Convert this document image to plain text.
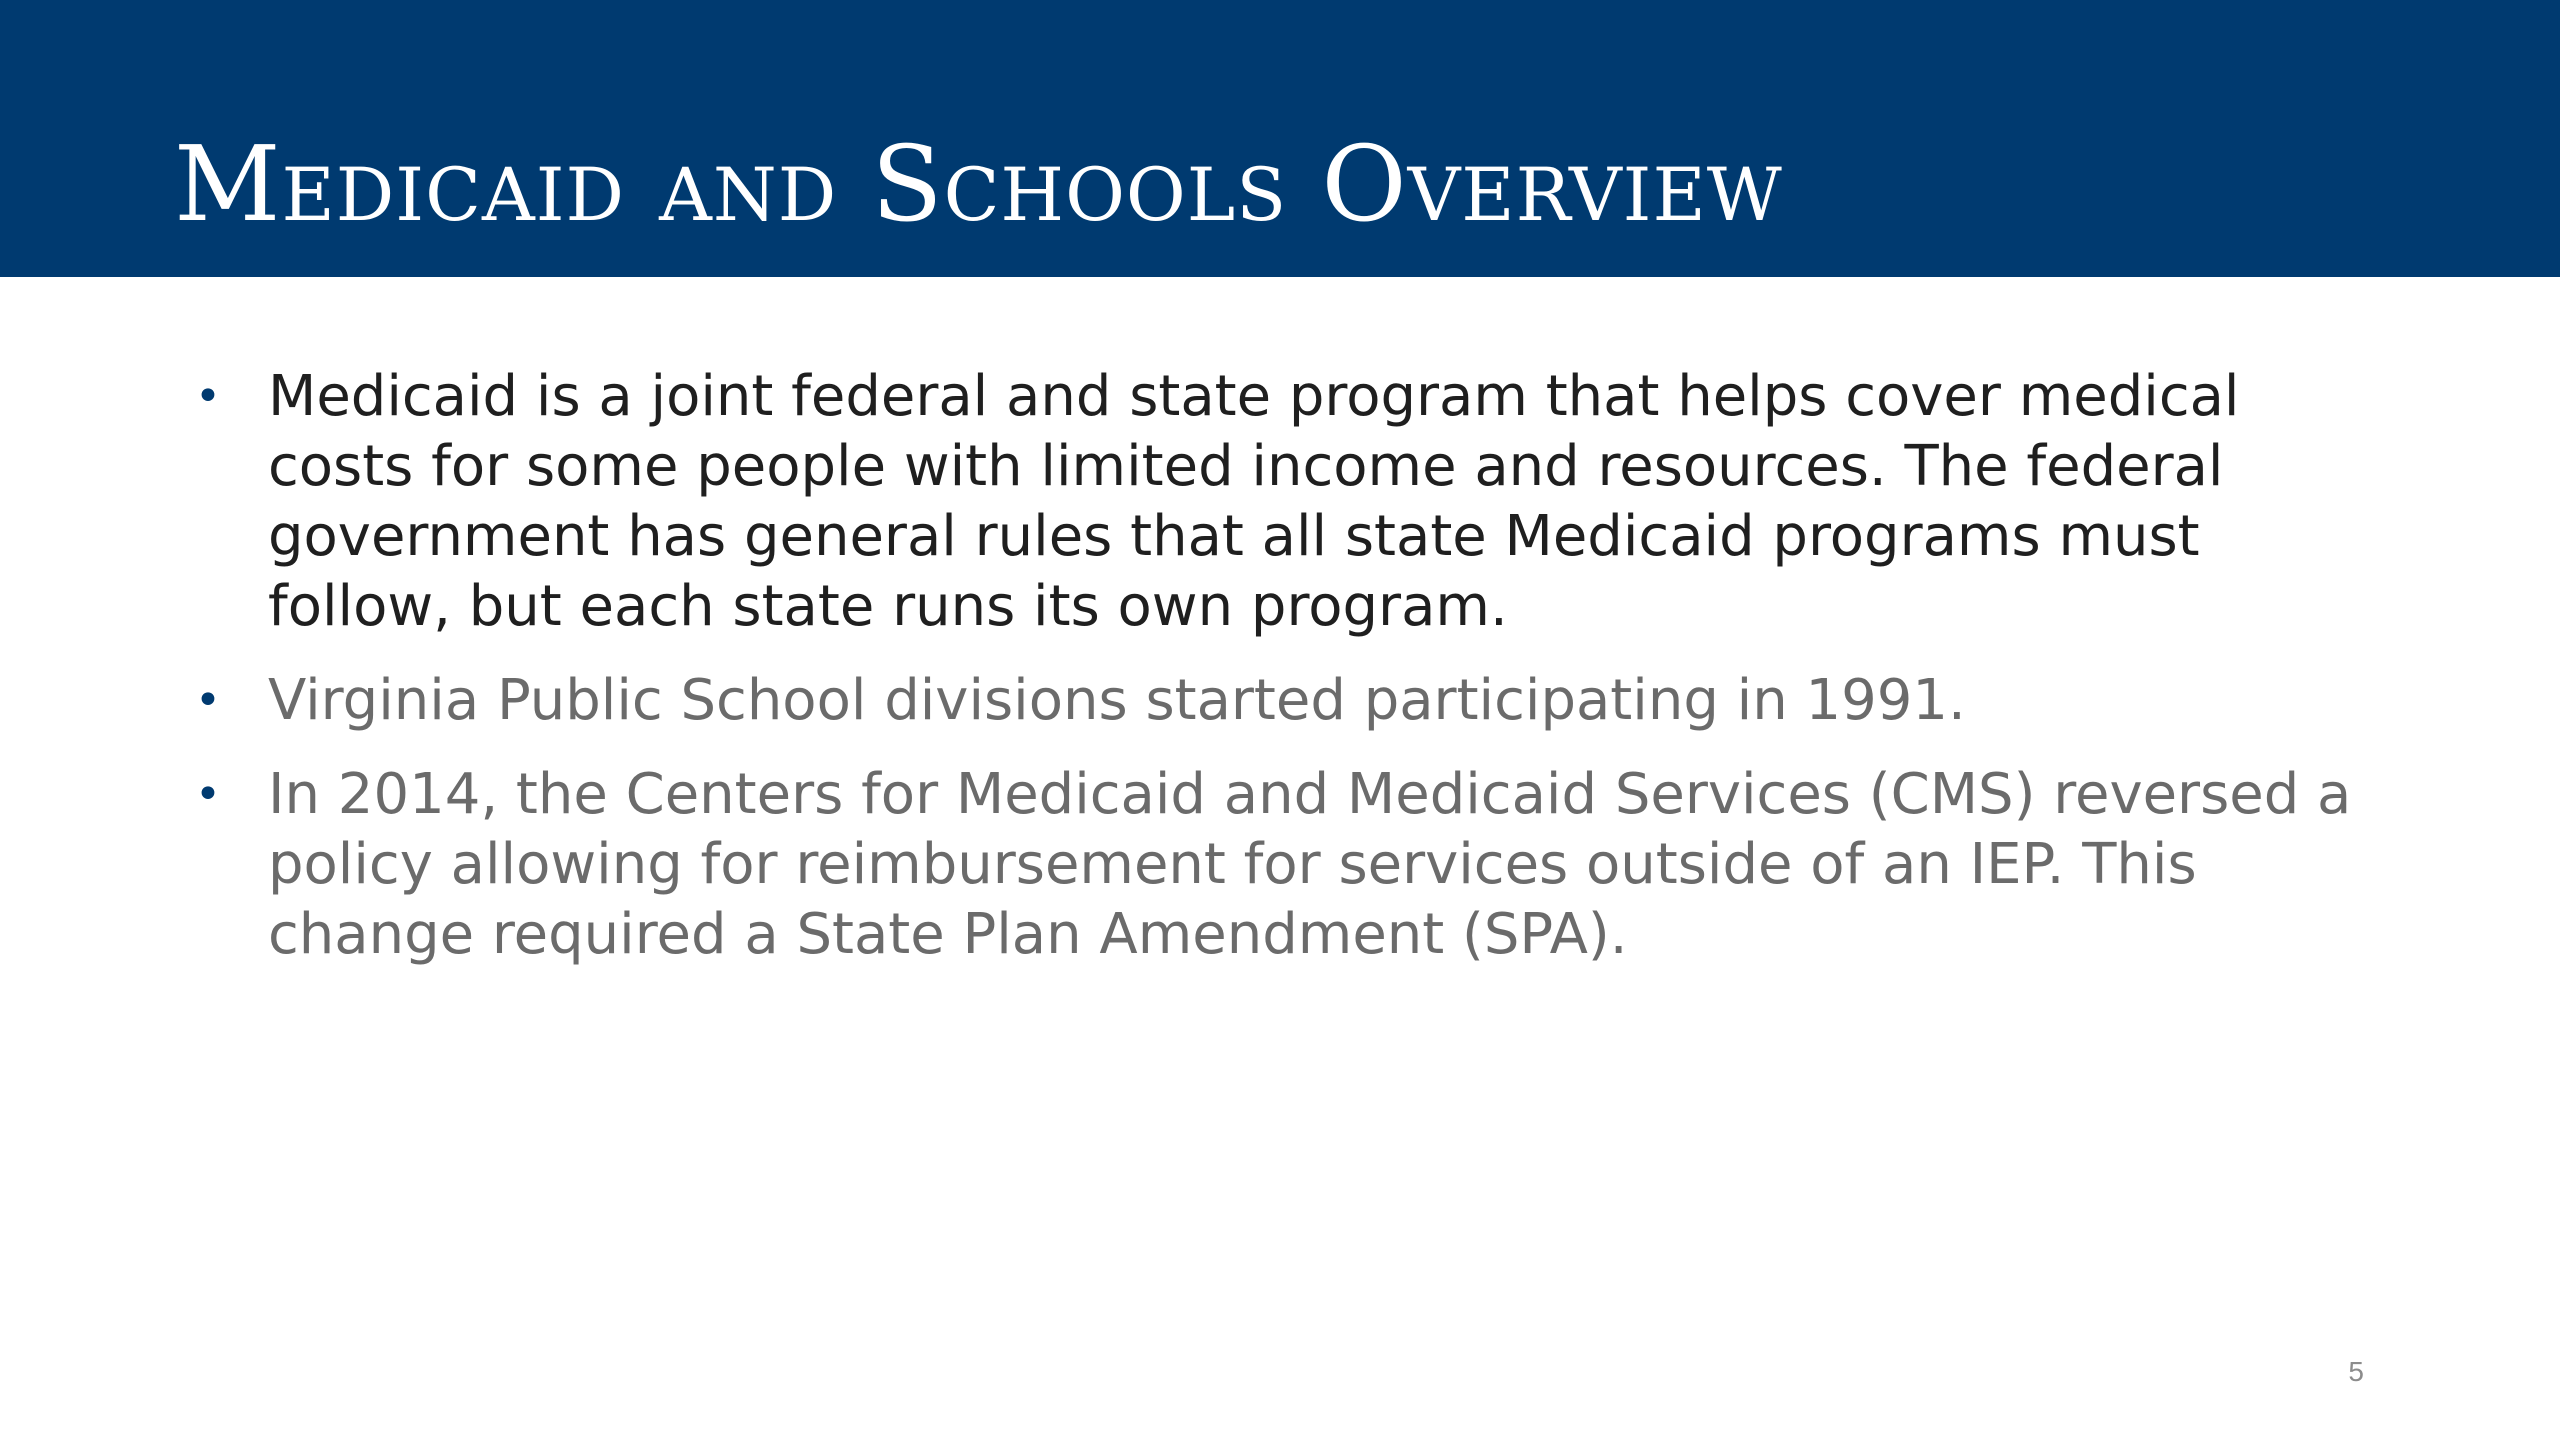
Medicaid and Schools Overview
• Medicaid is a joint federal and state program that helps cover medical costs for some people with limited income and resources. The federal government has general rules that all state Medicaid programs must follow, but each state runs its own program.
• Virginia Public School divisions started participating in 1991.
• In 2014, the Centers for Medicaid and Medicaid Services (CMS) reversed a policy allowing for reimbursement for services outside of an IEP. This change required a State Plan Amendment (SPA).
5
